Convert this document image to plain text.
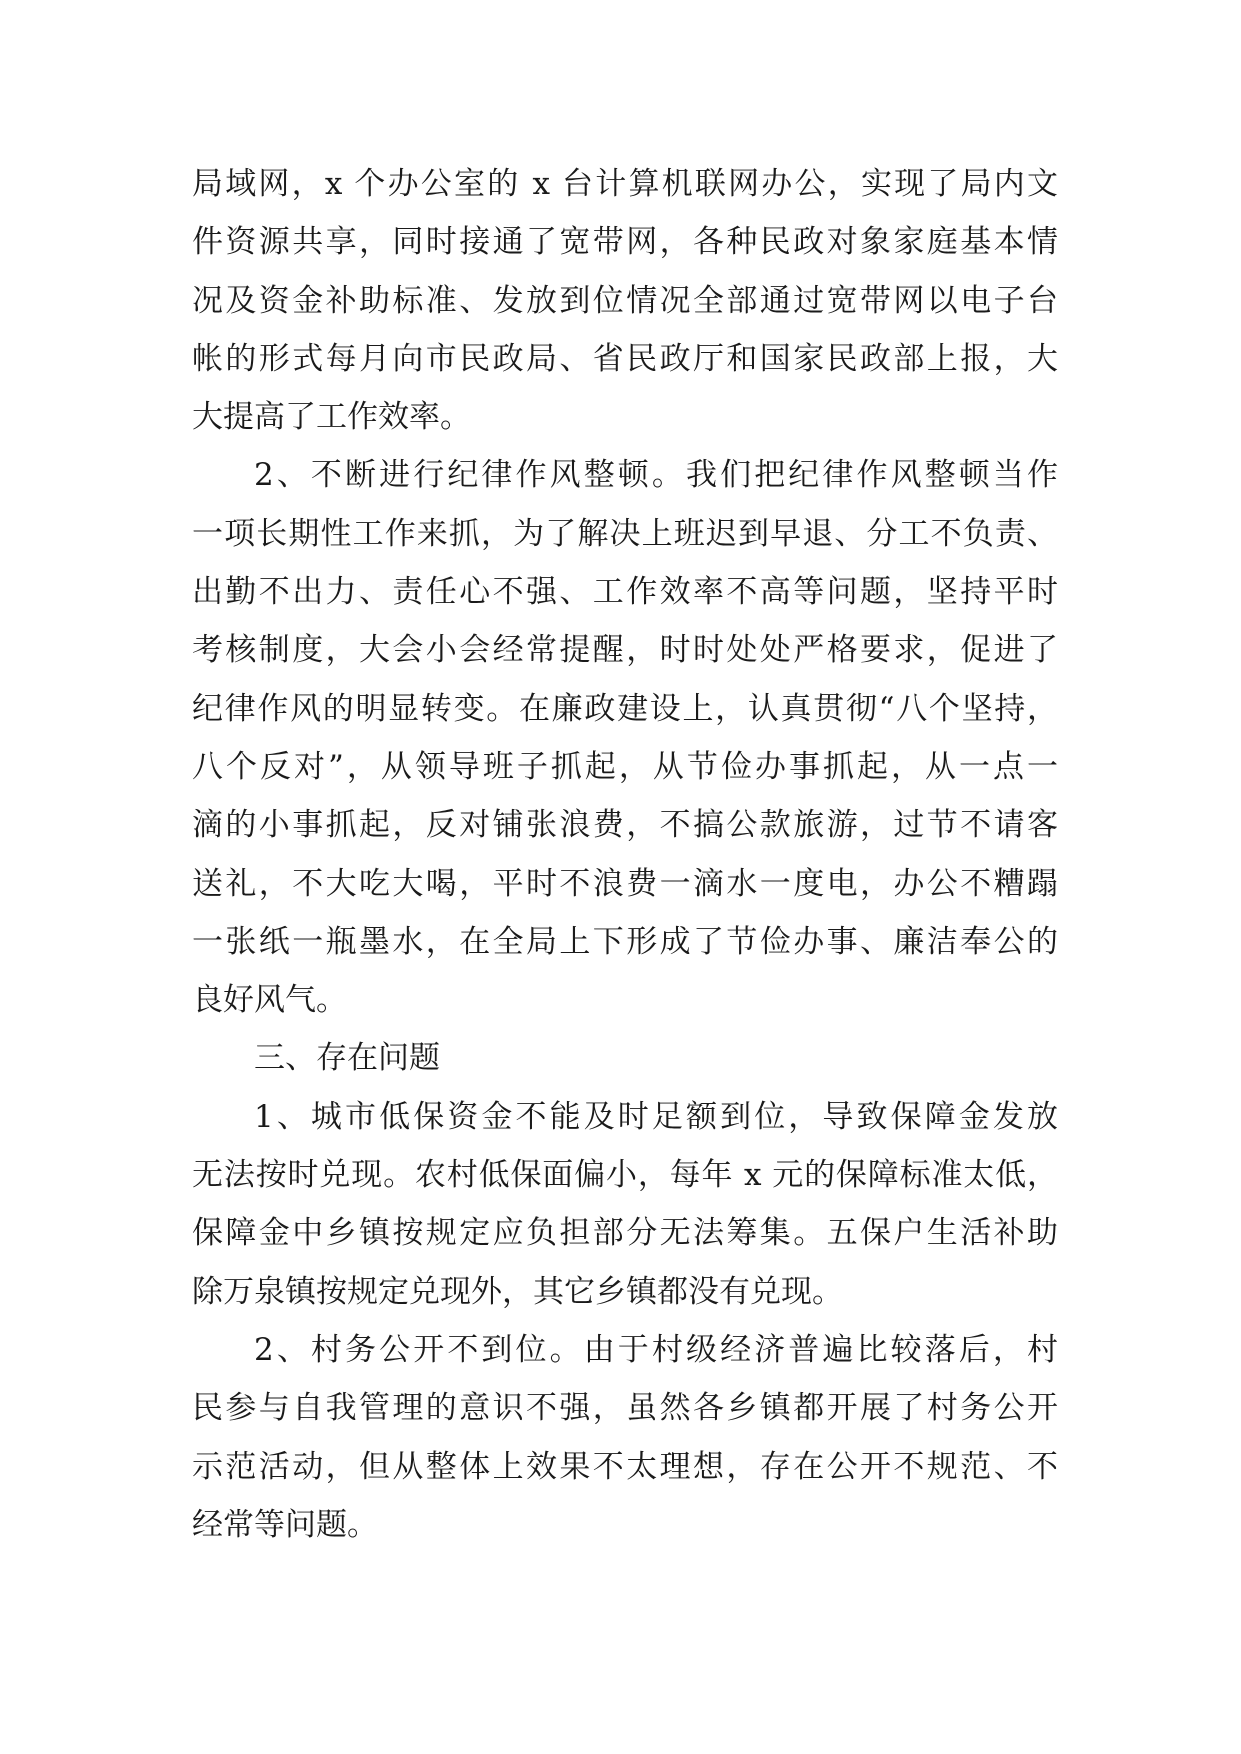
局域网，x 个办公室的 x 台计算机联网办公，实现了局内文
件资源共享，同时接通了宽带网，各种民政对象家庭基本情
况及资金补助标准、发放到位情况全部通过宽带网以电子台
帐的形式每月向市民政局、省民政厅和国家民政部上报，大
大提高了工作效率。
2、不断进行纪律作风整顿。我们把纪律作风整顿当作
一项长期性工作来抓，为了解决上班迟到早退、分工不负责、
出勤不出力、责任心不强、工作效率不高等问题，坚持平时
考核制度，大会小会经常提醒，时时处处严格要求，促进了
纪律作风的明显转变。在廉政建设上，认真贯彻“八个坚持，
八个反对”，从领导班子抓起，从节俭办事抓起，从一点一
滴的小事抓起，反对铺张浪费，不搞公款旅游，过节不请客
送礼，不大吃大喝，平时不浪费一滴水一度电，办公不糟蹋
一张纸一瓶墨水，在全局上下形成了节俭办事、廉洁奉公的
良好风气。
三、存在问题
1、城市低保资金不能及时足额到位，导致保障金发放
无法按时兑现。农村低保面偏小，每年 x 元的保障标准太低，
保障金中乡镇按规定应负担部分无法筹集。五保户生活补助
除万泉镇按规定兑现外，其它乡镇都没有兑现。
2、村务公开不到位。由于村级经济普遍比较落后，村
民参与自我管理的意识不强，虽然各乡镇都开展了村务公开
示范活动，但从整体上效果不太理想，存在公开不规范、不
经常等问题。
